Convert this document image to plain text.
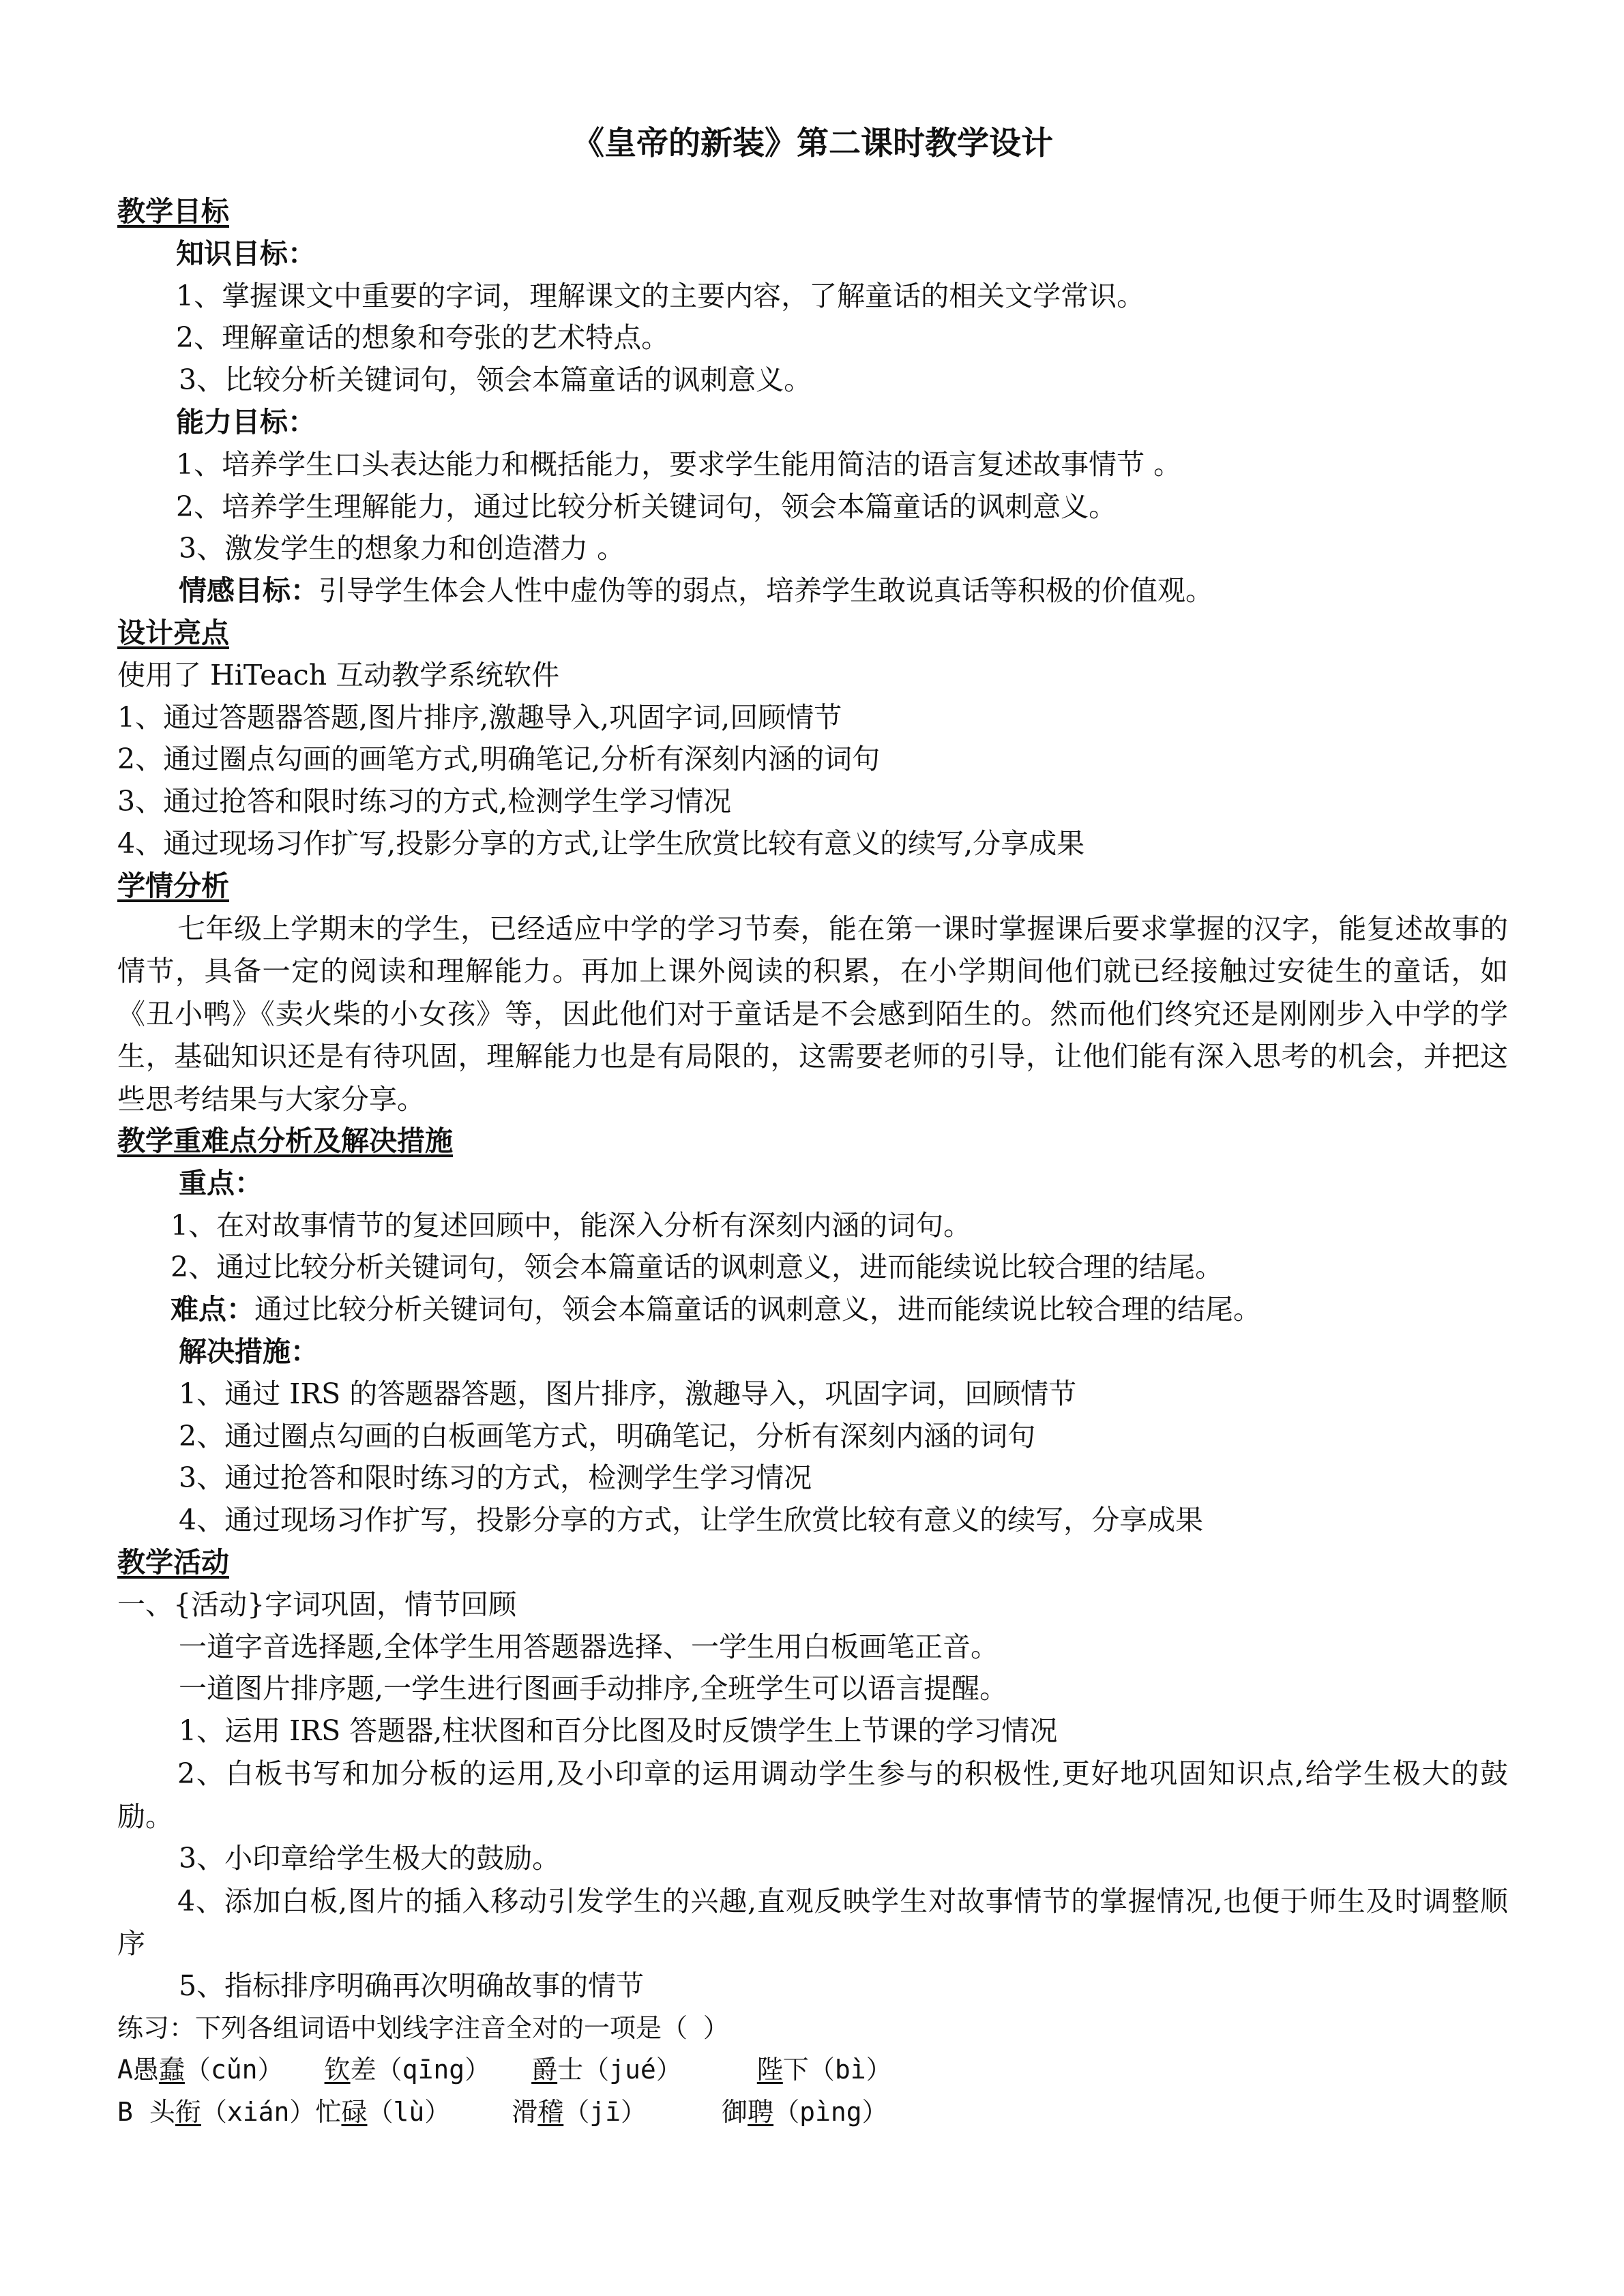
《皇帝的新装》第二课时教学设计
教学目标
知识目标：
1、掌握课文中重要的字词，理解课文的主要内容，了解童话的相关文学常识。
2、理解童话的想象和夸张的艺术特点。
3、比较分析关键词句，领会本篇童话的讽刺意义。
能力目标：
1、培养学生口头表达能力和概括能力，要求学生能用简洁的语言复述故事情节 。
2、培养学生理解能力，通过比较分析关键词句，领会本篇童话的讽刺意义。
3、激发学生的想象力和创造潜力 。
情感目标：引导学生体会人性中虚伪等的弱点，培养学生敢说真话等积极的价值观。
设计亮点
使用了 HiTeach 互动教学系统软件
1、通过答题器答题,图片排序,激趣导入,巩固字词,回顾情节
2、通过圈点勾画的画笔方式,明确笔记,分析有深刻内涵的词句
3、通过抢答和限时练习的方式,检测学生学习情况
4、通过现场习作扩写,投影分享的方式,让学生欣赏比较有意义的续写,分享成果
学情分析

七年级上学期末的学生，已经适应中学的学习节奏，能在第一课时掌握课后要求掌握的汉字，能复述故事的情节，具备一定的阅读和理解能力。再加上课外阅读的积累，在小学期间他们就已经接触过安徒生的童话，如《丑小鸭》《卖火柴的小女孩》等，因此他们对于童话是不会感到陌生的。然而他们终究还是刚刚步入中学的学生，基础知识还是有待巩固，理解能力也是有局限的，这需要老师的引导，让他们能有深入思考的机会，并把这些思考结果与大家分享。

教学重难点分析及解决措施
重点：
1、在对故事情节的复述回顾中，能深入分析有深刻内涵的词句。
2、通过比较分析关键词句，领会本篇童话的讽刺意义，进而能续说比较合理的结尾。
难点：通过比较分析关键词句，领会本篇童话的讽刺意义，进而能续说比较合理的结尾。
解决措施：
1、通过 IRS 的答题器答题，图片排序，激趣导入，巩固字词，回顾情节
2、通过圈点勾画的白板画笔方式，明确笔记，分析有深刻内涵的词句
3、通过抢答和限时练习的方式，检测学生学习情况
4、通过现场习作扩写，投影分享的方式，让学生欣赏比较有意义的续写，分享成果
教学活动
一、{活动}字词巩固，情节回顾
一道字音选择题,全体学生用答题器选择、一学生用白板画笔正音。
一道图片排序题,一学生进行图画手动排序,全班学生可以语言提醒。
1、运用 IRS 答题器,柱状图和百分比图及时反馈学生上节课的学习情况

2、白板书写和加分板的运用,及小印章的运用调动学生参与的积极性,更好地巩固知识点,给学生极大的鼓励。

3、小印章给学生极大的鼓励。

4、添加白板,图片的插入移动引发学生的兴趣,直观反映学生对故事情节的掌握情况,也便于师生及时调整顺序

5、指标排序明确再次明确故事的情节
练习：下列各组词语中划线字注音全对的一项是（ ）
A愚蠢（cǔn） 钦差（qīng） 爵士（jué）	陛下（bì）
B 头衔（xián）忙碌（lù） 滑稽（jī）	御聘（pìng）
